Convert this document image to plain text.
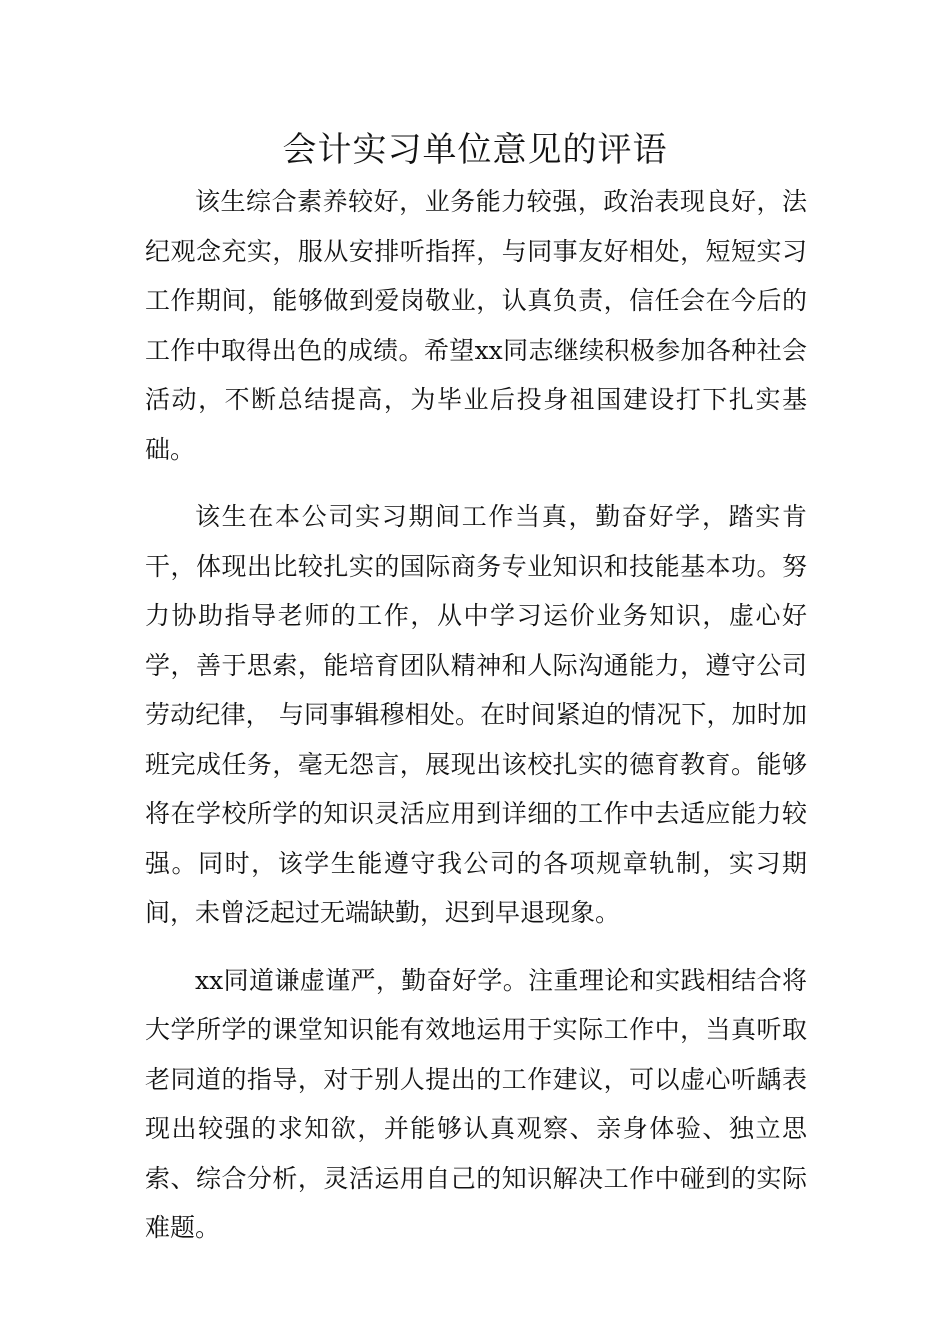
会计实习单位意见的评语

该生综合素养较好，业务能力较强，政治表现良好，法纪观念充实，服从安排听指挥，与同事友好相处，短短实习工作期间，能够做到爱岗敬业，认真负责，信任会在今后的工作中取得出色的成绩。希望xx同志继续积极参加各种社会活动，不断总结提高，为毕业后投身祖国建设打下扎实基础。

该生在本公司实习期间工作当真，勤奋好学，踏实肯干，体现出比较扎实的国际商务专业知识和技能基本功。努力协助指导老师的工作，从中学习运价业务知识，虚心好学，善于思索，能培育团队精神和人际沟通能力，遵守公司劳动纪律， 与同事辑穆相处。在时间紧迫的情况下，加时加班完成任务，毫无怨言，展现出该校扎实的德育教育。能够将在学校所学的知识灵活应用到详细的工作中去适应能力较强。同时，该学生能遵守我公司的各项规章轨制，实习期间，未曾泛起过无端缺勤，迟到早退现象。

xx同道谦虚谨严，勤奋好学。注重理论和实践相结合将大学所学的课堂知识能有效地运用于实际工作中，当真听取老同道的指导，对于别人提出的工作建议，可以虚心听龋表现出较强的求知欲，并能够认真观察、亲身体验、独立思索、综合分析，灵活运用自己的知识解决工作中碰到的实际难题。
